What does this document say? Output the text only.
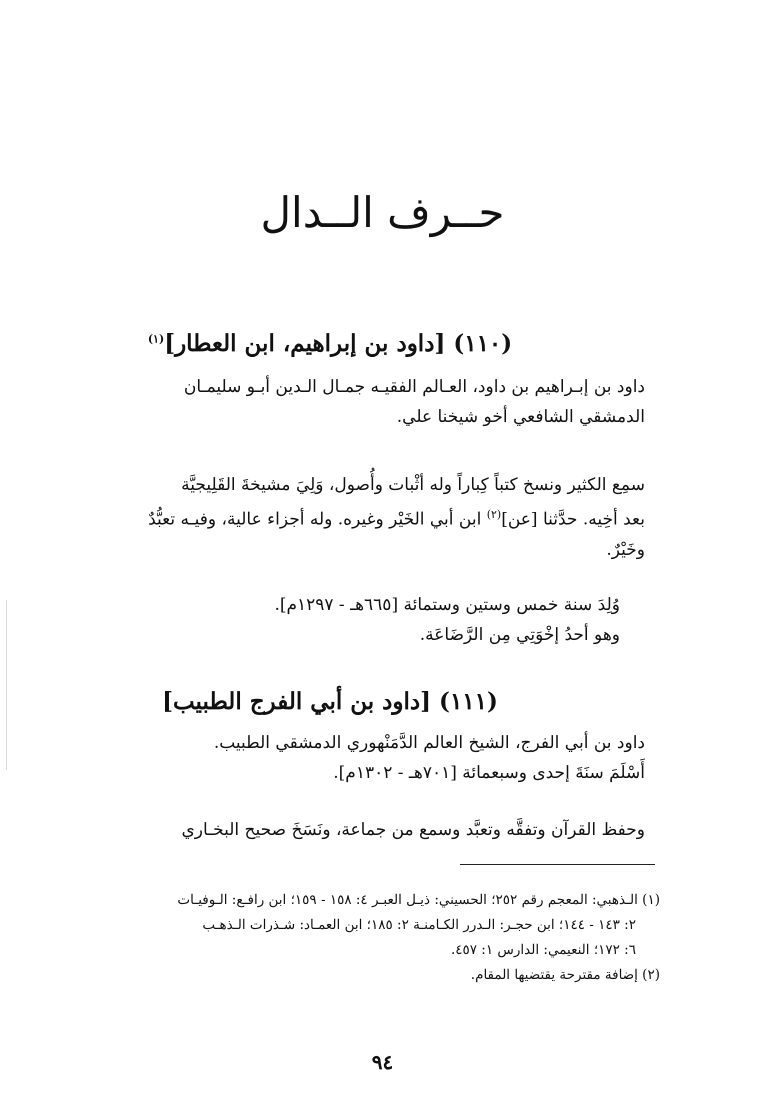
حــرف الــدال
(١١٠) [داود بن إبراهيم، ابن العطار]$^{(١)}$
داود بن إبـراهيم بن داود، العـالم الفقيـه جمـال الـدين أبـو سليمـان
الدمشقي الشافعي أخو شيخنا علي.
سمِع الكثير ونسخ كتباً كِباراً وله أثْبات وأُصول، وَلِيَ مشيخةَ القَلِيجيَّة
بعد أخِيه. حدَّثنا [عن]$^{(٢)}$ ابن أبي الخَيْر وغيره. وله أجزاء عالية، وفيـه تعبُّدٌ
وخَيْرٌ.
وُلِدَ سنة خمس وستين وستمائة [٦٦٥هـ - ١٢٩٧م].
وهو أحدُ إخْوَتِي مِن الرَّضَاعَة.
(١١١) [داود بن أبي الفرج الطبيب]
داود بن أبي الفرج، الشيخ العالم الدَّمَنْهوري الدمشقي الطبيب.
أَسْلَمَ سنَةَ إحدى وسبعمائة [٧٠١هـ - ١٣٠٢م].
وحفظ القرآن وتفقَّه وتعبَّد وسمع من جماعة، ونَسَخَ صحيح البخـاري
(١) الـذهبي: المعجم رقم ٢٥٢؛ الحسيني: ذيـل العبـر ٤: ١٥٨ - ١٥٩؛ ابن رافـع: الـوفيـات
٢: ١٤٣ - ١٤٤؛ ابن حجـر: الـدرر الكـامنـة ٢: ١٨٥؛ ابن العمـاد: شـذرات الـذهـب
٦: ١٧٢؛ النعيمي: الدارس ١: ٤٥٧.
(٢) إضافة مقترحة يقتضيها المقام.
٩٤
